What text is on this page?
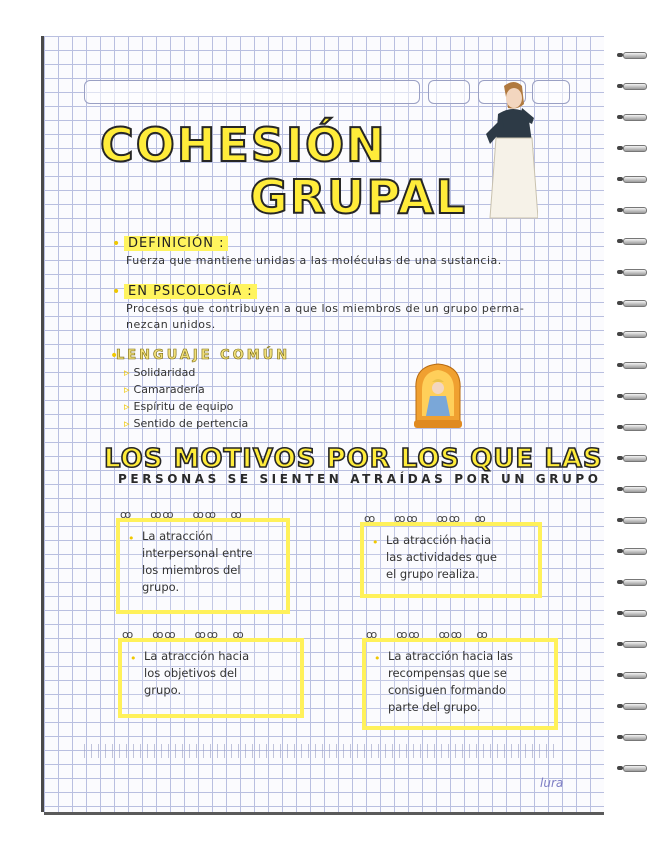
COHESIÓN
GRUPAL
• DEFINICIÓN :
Fuerza que mantiene unidas a las moléculas de una sustancia.
• EN PSICOLOGÍA :
Procesos que contribuyen a que los miembros de un grupo perma-
nezcan unidos.
•
LENGUAJE COMÚN
▹ Solidaridad
▹ Camaradería
▹ Espíritu de equipo
▹ Sentido de pertencia
LOS MOTIVOS POR LOS QUE LAS
PERSONAS SE SIENTEN ATRAÍDAS POR UN GRUPO
ꝏ    ꝏꝏ    ꝏꝏ   ꝏ
• La atracción
interpersonal entre
los miembros del
grupo.
ꝏ    ꝏꝏ    ꝏꝏ   ꝏ
• La atracción hacia
las actividades que
el grupo realiza.
ꝏ    ꝏꝏ    ꝏꝏ   ꝏ
• La atracción hacia
los objetivos del
grupo.
ꝏ    ꝏꝏ    ꝏꝏ   ꝏ
• La atracción hacia las
recompensas que se
consiguen formando
parte del grupo.
lura
